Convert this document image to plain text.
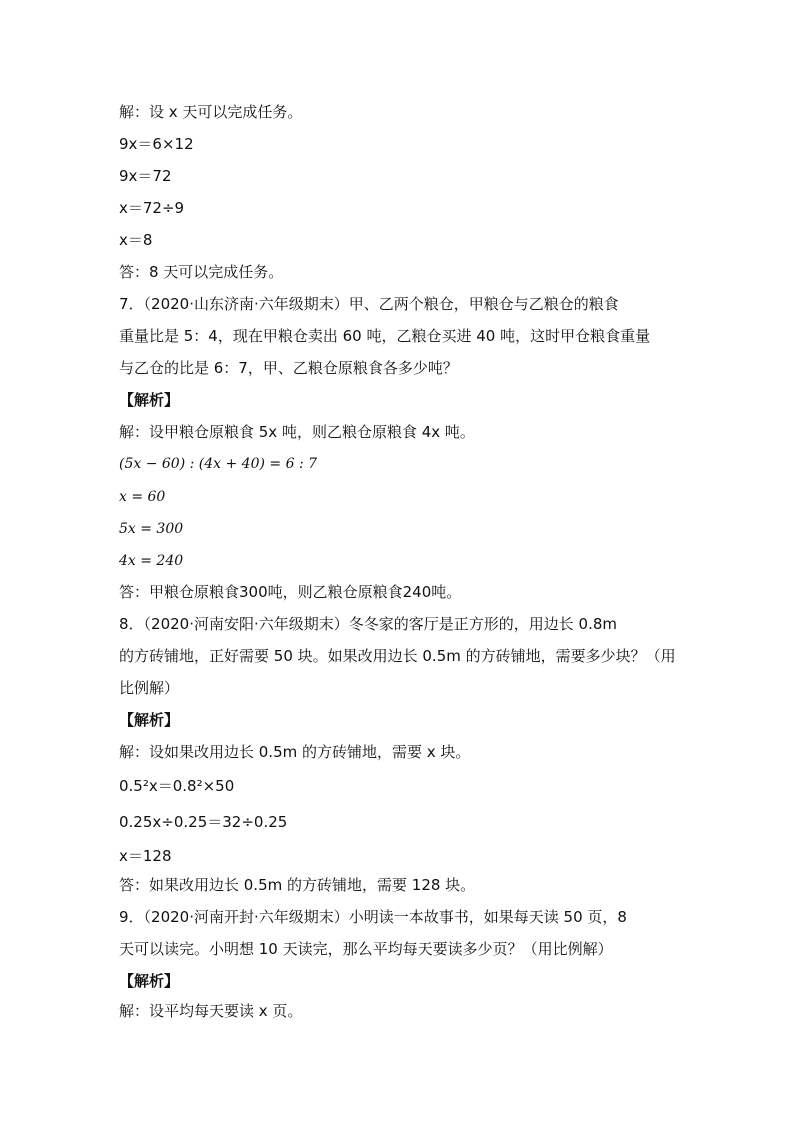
解：设 x 天可以完成任务。
9x＝6×12
9x＝72
x＝72÷9
x＝8
答：8 天可以完成任务。
7．（2020·山东济南·六年级期末）甲、乙两个粮仓，甲粮仓与乙粮仓的粮食
重量比是 5：4，现在甲粮仓卖出 60 吨，乙粮仓买进 40 吨，这时甲仓粮食重量
与乙仓的比是 6：7，甲、乙粮仓原粮食各多少吨？
【解析】
解：设甲粮仓原粮食 5x 吨，则乙粮仓原粮食 4x 吨。
(5x − 60) : (4x + 40) = 6 : 7
x = 60
5x = 300
4x = 240
答：甲粮仓原粮食300吨，则乙粮仓原粮食240吨。
8．（2020·河南安阳·六年级期末）冬冬家的客厅是正方形的，用边长 0.8m
的方砖铺地，正好需要 50 块。如果改用边长 0.5m 的方砖铺地，需要多少块？（用
比例解）
【解析】
解：设如果改用边长 0.5m 的方砖铺地，需要 x 块。
0.5²x＝0.8²×50
0.25x÷0.25＝32÷0.25
x＝128
答：如果改用边长 0.5m 的方砖铺地，需要 128 块。
9．（2020·河南开封·六年级期末）小明读一本故事书，如果每天读 50 页，8
天可以读完。小明想 10 天读完，那么平均每天要读多少页？（用比例解）
【解析】
解：设平均每天要读 x 页。
